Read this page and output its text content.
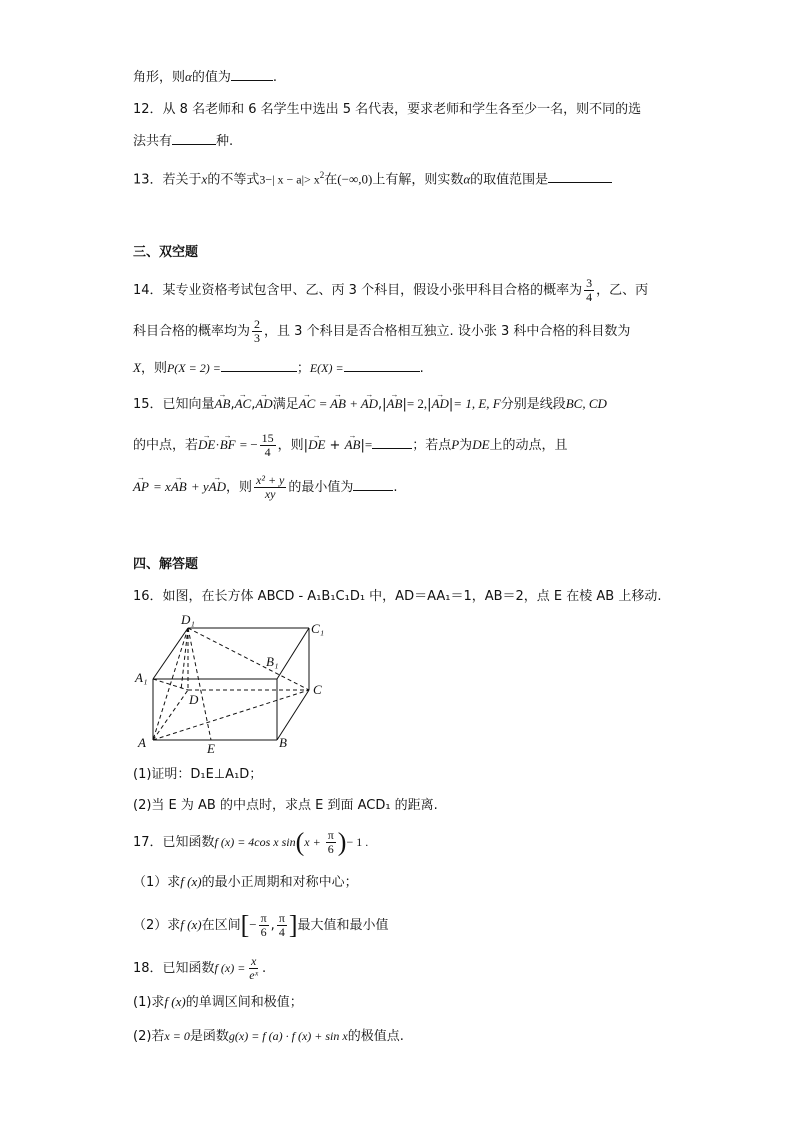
角形，则α的值为	.
12．从 8 名老师和 6 名学生中选出 5 名代表，要求老师和学生各至少一名，则不同的选
法共有	种.
13．若关于x的不等式3−| $x - a|> x^2$在(−∞,0)上有解，则实数α的取值范围是
三、双空题
14．某专业资格考试包含甲、乙、丙 3 个科目，假设小张甲科目合格的概率为 $\frac{3}{4}$ ，乙、丙
科目合格的概率均为 $\frac{2}{3}$ ，且 3 个科目是否合格相互独立. 设小张 3 科中合格的科目数为
X，则P(X = 2) =	；E(X) =	.
15．已知向量→ AB,→ AC,→ AD满足→ AC = → AB + → AD,|→ AB|= 2,|→ AD|= 1, E, F分别是线段BC, CD
的中点，若→ DE·→ BF = − $\frac{15}{4}$ ，则|→ DE + → AB|=	；若点P为DE上的动点，且
→ AP = x→ AB + y→ AD，则 $\frac{\text{x² + y}}{xy}$ 的最小值为	.
四、解答题
16．如图，在长方体 ABCD - A₁B₁C₁D₁ 中，AD＝AA₁＝1，AB＝2，点 E 在棱 AB 上移动.
D₁
C₁
B₁
A₁
D
C
A	E	B
(1)证明：D₁E⊥A₁D；
(2)当 E 为 AB 的中点时，求点 E 到面 ACD₁ 的距离.
17．已知函数f (x) = 4cos x $\sin(x + \frac{\pi}{6}$ )− 1 .
（1）求f (x)的最小正周期和对称中心；
（2）求f (x)在区间[− $\frac{\pi}{6}$ , $\frac{\pi}{4}$ ]最大值和最小值
18．已知函数f $(x) = \frac{x}{\text{eˣ}}$ .
(1)求f (x)的单调区间和极值；
(2)若x = 0是函数g(x) = f (a) · f (x) + sin x的极值点.
